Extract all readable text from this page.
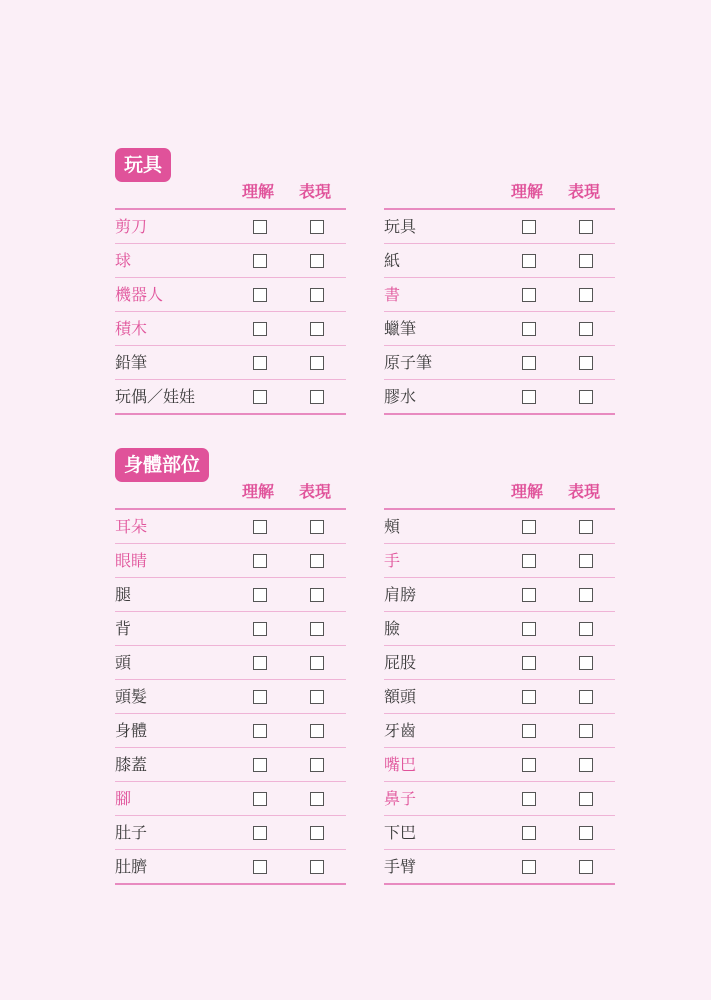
玩具
理解 表現
剪刀
球
機器人
積木
鉛筆
玩偶／娃娃
理解 表現
玩具
紙
書
蠟筆
原子筆
膠水
身體部位
理解 表現
耳朵
眼睛
腿
背
頭
頭髮
身體
膝蓋
腳
肚子
肚臍
理解 表現
頰
手
肩膀
臉
屁股
額頭
牙齒
嘴巴
鼻子
下巴
手臂
